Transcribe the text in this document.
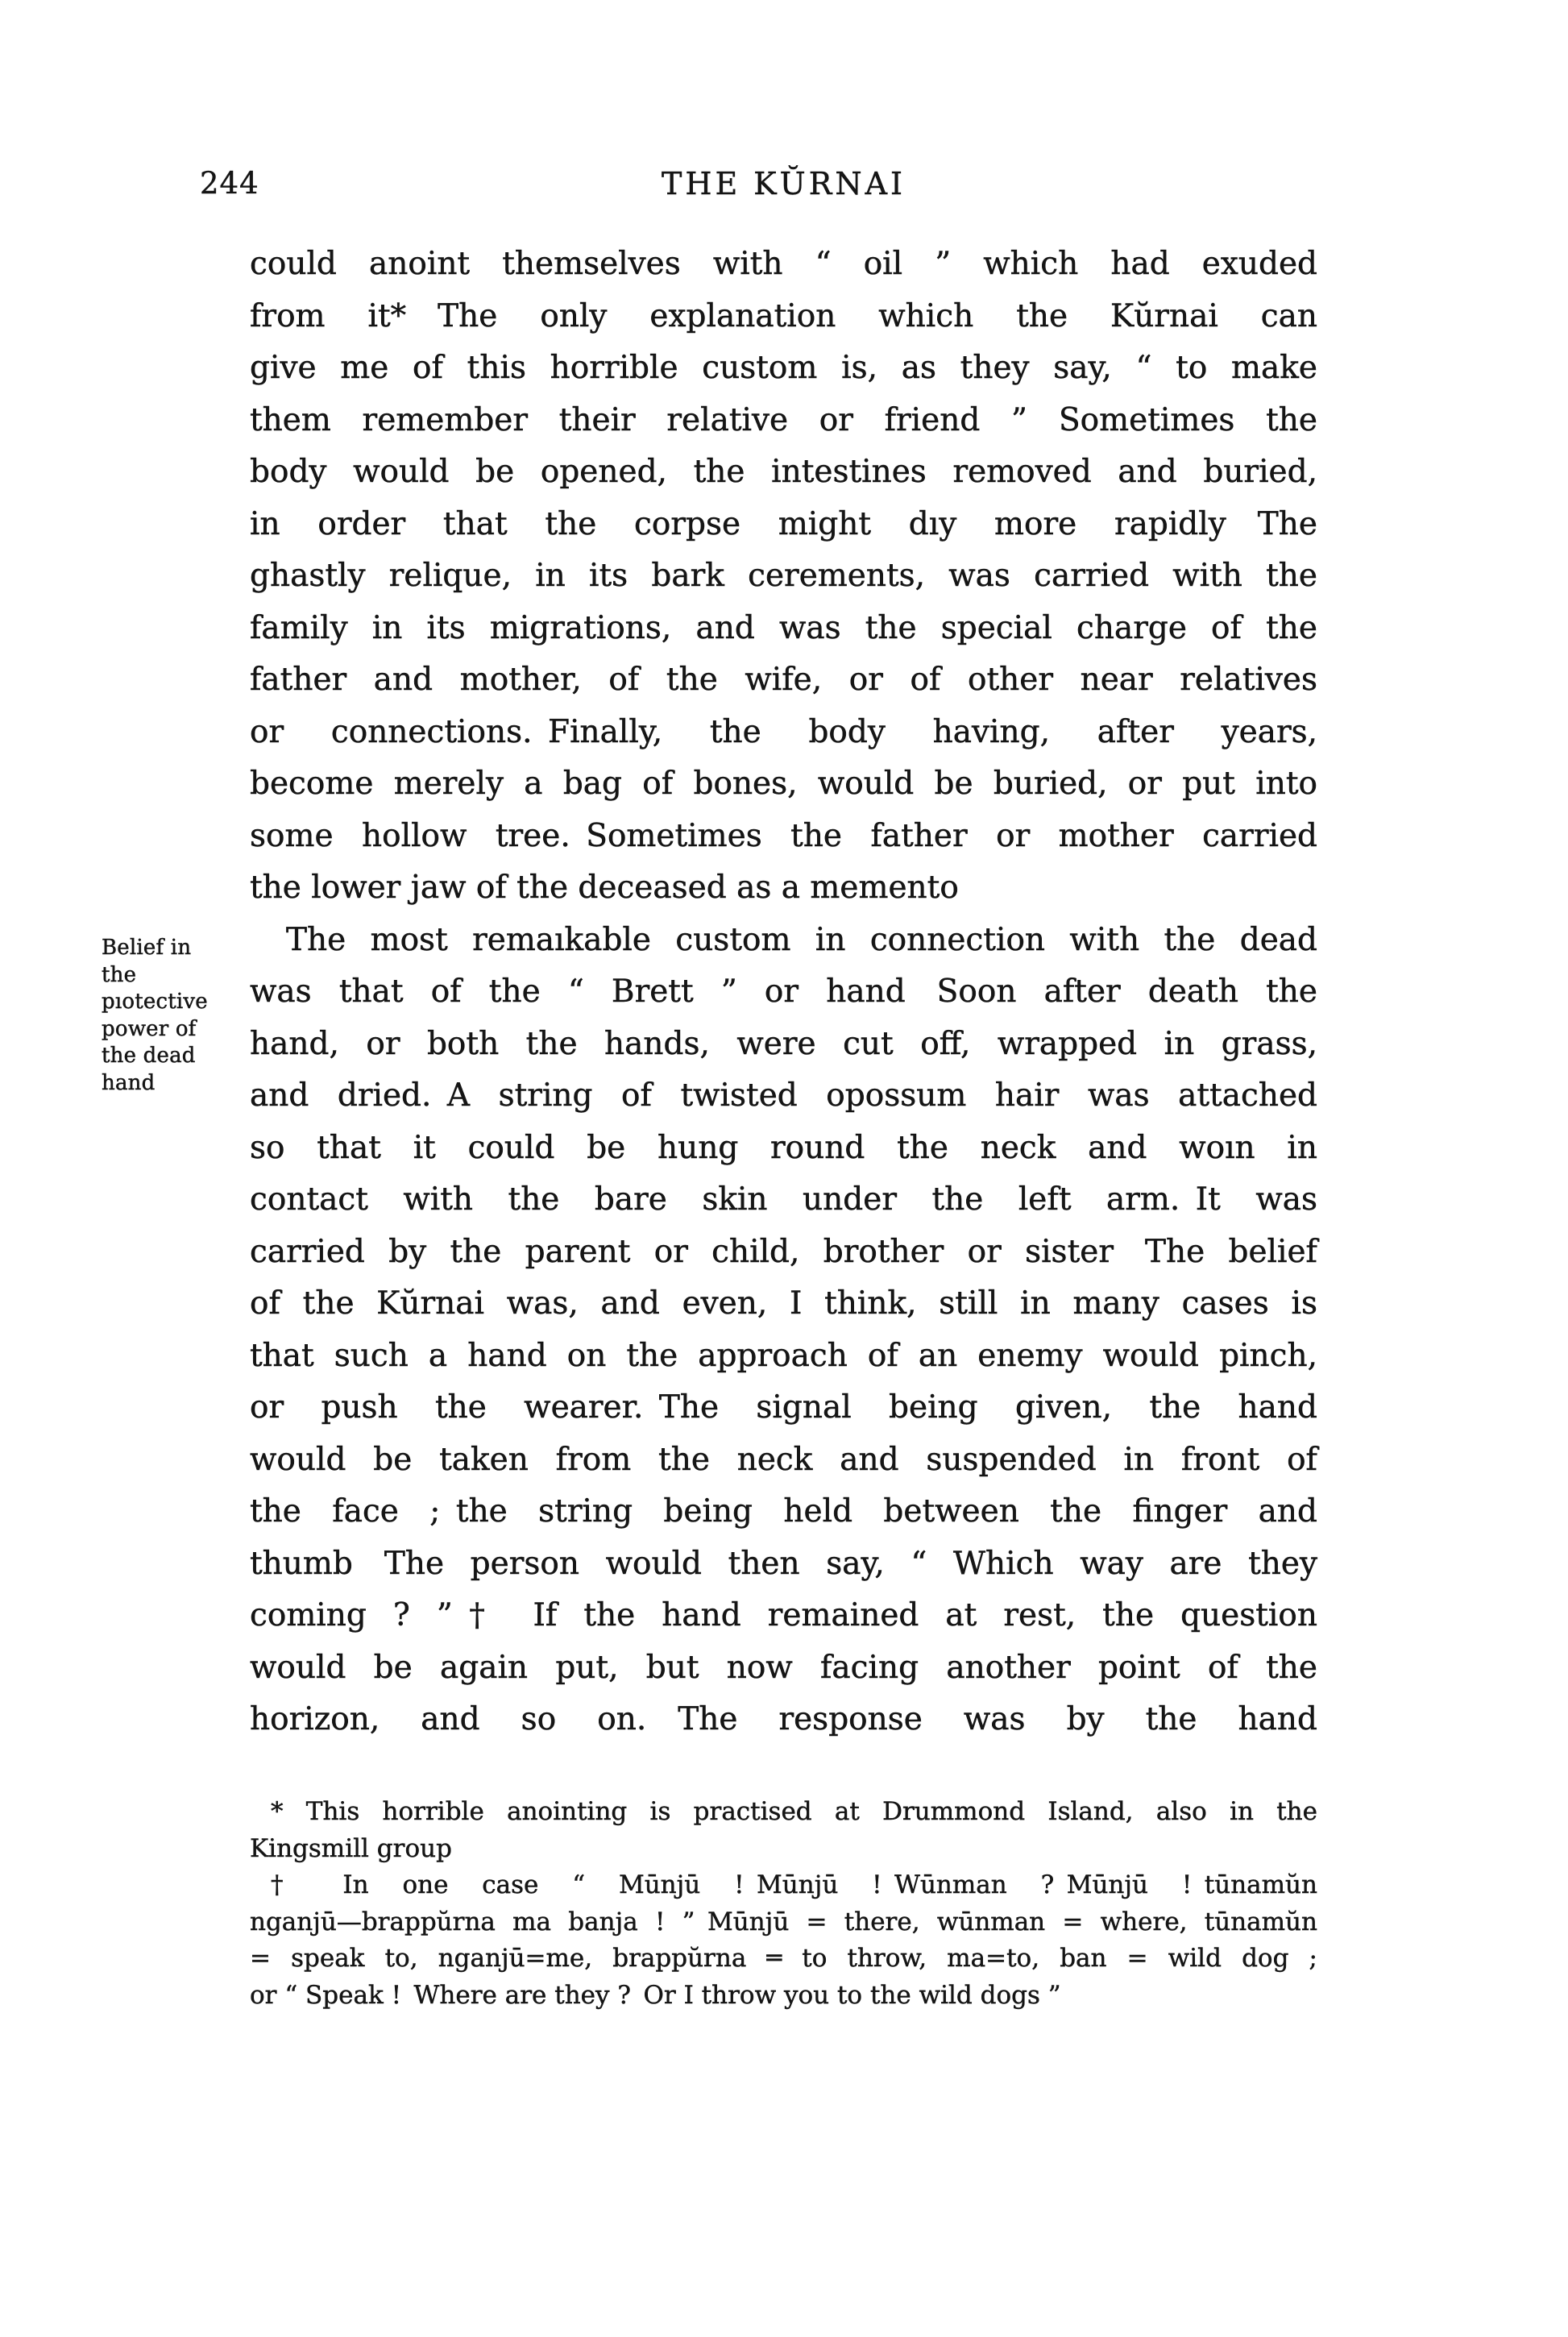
244	THE KŬRNAI
Belief in
the
pıotective
power of
the dead
hand
could anoint themselves with “ oil ” which had exuded
from it* The only explanation which the Kŭrnai can
give me of this horrible custom is, as they say, “ to make
them remember their relative or friend ” Sometimes the
body would be opened, the intestines removed and buried,
in order that the corpse might dıy more rapidly The
ghastly relique, in its bark cerements, was carried with the
family in its migrations, and was the special charge of the
father and mother, of the wife, or of other near relatives
or connections. Finally, the body having, after years,
become merely a bag of bones, would be buried, or put into
some hollow tree. Sometimes the father or mother carried
the lower jaw of the deceased as a memento
The most remaıkable custom in connection with the dead
was that of the “ Brett ” or hand Soon after death the
hand, or both the hands, were cut off, wrapped in grass,
and dried. A string of twisted opossum hair was attached
so that it could be hung round the neck and woın in
contact with the bare skin under the left arm. It was
carried by the parent or child, brother or sister The belief
of the Kŭrnai was, and even, I think, still in many cases is
that such a hand on the approach of an enemy would pinch,
or push the wearer. The signal being given, the hand
would be taken from the neck and suspended in front of
the face ; the string being held between the finger and
thumb The person would then say, “ Which way are they
coming ? ”† If the hand remained at rest, the question
would be again put, but now facing another point of the
horizon, and so on. The response was by the hand
* This horrible anointing is practised at Drummond Island, also in the
Kingsmill group
† In one case “ Mūnjū ! Mūnjū ! Wūnman ? Mūnjū ! tūnamŭn
nganjū—brappŭrna ma banja ! ” Mūnjū = there, wūnman = where, tūnamŭn
= speak to, nganjū=me, brappŭrna ═ to throw, ma=to, ban = wild dog ;
or “ Speak ! Where are they ? Or I throw you to the wild dogs ”
